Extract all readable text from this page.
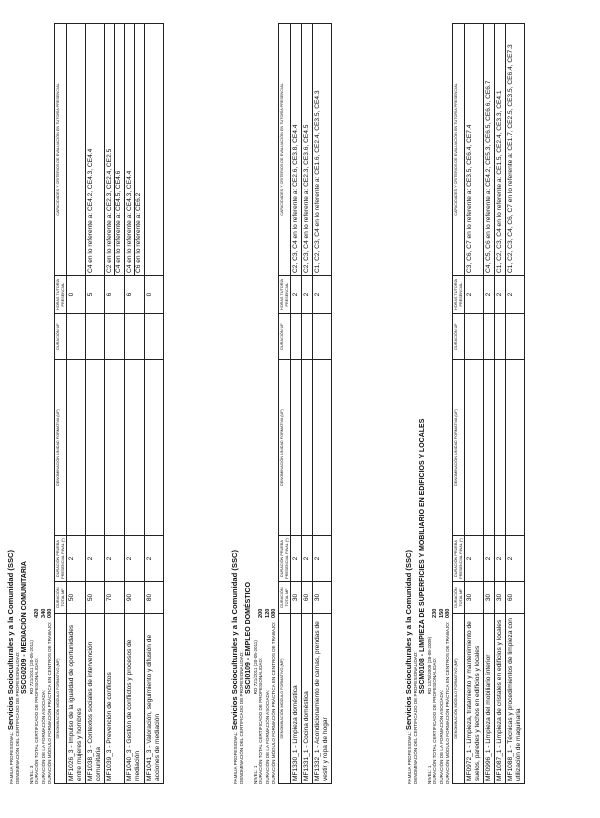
FAMILIA PROFESIONAL: Servicios Socioculturales y a la Comunidad (SSC) DENOMINACIÓN DEL CERTIFICADO DE PROFESIONALIDAD:
SSCG0209 - MEDIACIÓN COMUNITARIA
NIVEL: 3 RD 721/2011 (20-05-2011) DURACIÓN TOTAL CERTIFICADO DE PROFESIONALIDAD:420
DURACIÓN DE LA FORMACIÓN ASOCIADA:340
DURACIÓN MÓDULO FORMACIÓN PRÁCTICA EN CENTROS DE TRABAJO:080
DENOMINACIÓN MÓDULO FORMATIVO (MF)	DURACIÓN TOTAL MF	DURACIÓN PRUEBA PRESENCIAL FINAL (*)	DENOMINACIÓN UNIDAD FORMATIVA (UF)	DURACIÓN UF	HORAS TUTORÍA PRESENCIAL	CAPACIDADES Y CRITERIOS DE EVALUACIÓN EN TUTORÍA PRESENCIAL
MF1026_3 - Impulso de la igualdad de oportunidades entre mujeres y hombres	50	2			0	
MF1038_3 - Contextos sociales de intervención comunitaria	50	2			5	C4 en lo referente a: CE4.2, CE4.3, CE4.4

MF1039_3 - Prevención de conflictos	70	2			6	C2 en lo referente a: CE2.3, CE2.4, CE2.5 C4 en lo referente a: CE4.5, CE4.6

MF1040_3 - Gestión de conflictos y procesos de mediación	90	2			6	C4 en lo referente a: CE4.3, CE4.4 C6 en lo referente a: CE6.2

MF1041_3 - Valoración, seguimiento y difusión de acciones de mediación	80	2			0	
FAMILIA PROFESIONAL: Servicios Socioculturales y a la Comunidad (SSC) DENOMINACIÓN DEL CERTIFICADO DE PROFESIONALIDAD:
SSCI0109 - EMPLEO DOMÉSTICO
NIVEL: 1 RD 721/2011 (20-05-2011) DURACIÓN TOTAL CERTIFICADO DE PROFESIONALIDAD:200
DURACIÓN DE LA FORMACIÓN ASOCIADA:120
DURACIÓN MÓDULO FORMACIÓN PRÁCTICA EN CENTROS DE TRABAJO:080
DENOMINACIÓN MÓDULO FORMATIVO (MF)	DURACIÓN TOTAL MF	DURACIÓN PRUEBA PRESENCIAL FINAL (*)	DENOMINACIÓN UNIDAD FORMATIVA (UF)	DURACIÓN UF	HORAS TUTORÍA PRESENCIAL	CAPACIDADES Y CRITERIOS DE EVALUACIÓN EN TUTORÍA PRESENCIAL
MF1330_1 - Limpieza doméstica	30	2			2	C2, C3, C4 en lo referente a: CE2.6, CE3.8, CE4.4

MF1331_1 - Cocina doméstica	60	2			2	C2, C3, C4 en lo referente a: CE2.3, CE3.6, CE4.5

MF1332_1 - Acondicionamiento de camas, prendas de vestir y ropa de hogar	30	2			2	C1, C2, C3, C4 en lo referente a: CE1.6, CE2.4, CE3.5, CE4.3
FAMILIA PROFESIONAL: Servicios Socioculturales y a la Comunidad (SSC) DENOMINACIÓN DEL CERTIFICADO DE PROFESIONALIDAD:
SSCM0108 - LIMPIEZA DE SUPERFICIES Y MOBILIARIO EN EDIFICIOS Y LOCALES
NIVEL: 1 RD 1378/2009 (28-08-2009) DURACIÓN TOTAL CERTIFICADO DE PROFESIONALIDAD:230
DURACIÓN DE LA FORMACIÓN ASOCIADA:150
DURACIÓN MÓDULO FORMACIÓN PRÁCTICA EN CENTROS DE TRABAJO:080
DENOMINACIÓN MÓDULO FORMATIVO (MF)	DURACIÓN TOTAL MF	DURACIÓN PRUEBA PRESENCIAL FINAL (*)	DENOMINACIÓN UNIDAD FORMATIVA (UF)	DURACIÓN UF	HORAS TUTORÍA PRESENCIAL	CAPACIDADES Y CRITERIOS DE EVALUACIÓN EN TUTORÍA PRESENCIAL
MF0972_1 - Limpieza, tratamiento y mantenimiento de suelos, paredes y techos en edificios y locales	30	2			2	C3, C6, C7 en lo referente a: CE3.5, CE6.4, CE7.4

MF0996_1 - Limpieza del mobiliario interior	30	2			2	C4, C5, C6 en lo referente a: CE4.2, CE5.3, CE6.5, CE6.6, CE6.7

MF1087_1 - Limpieza de cristales en edificios y locales	30	2			2	C1, C2, C3, C4 en lo referente a: CE1.5, CE2.4, CE3.3, CE4.1

MF1088_1 - Técnicas y procedimientos de limpieza con utilización de maquinaria	60	2			2	C1, C2, C3, C4, C6, C7 en lo referente a: CE1.7, CE2.5, CE3.5, CE6.4, CE7.3
